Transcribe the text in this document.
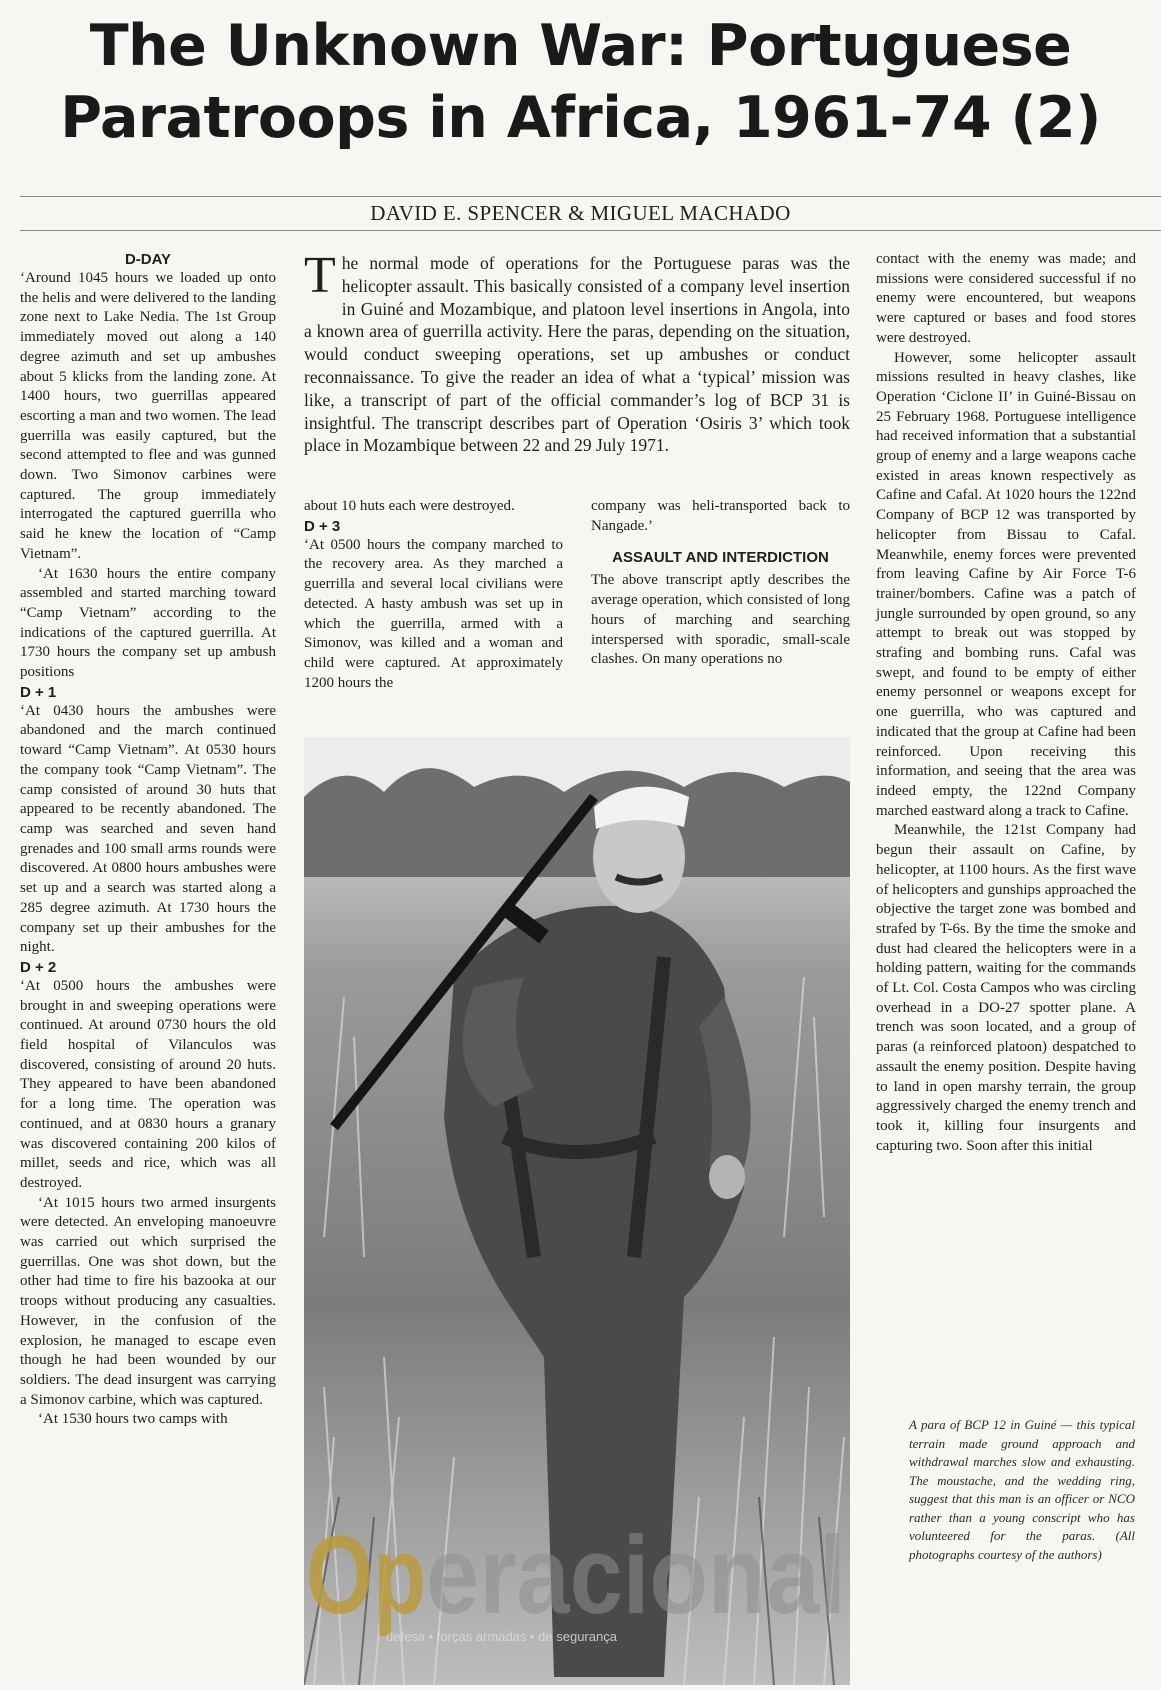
The Unknown War: Portuguese Paratroops in Africa, 1961-74 (2)
DAVID E. SPENCER & MIGUEL MACHADO

D-DAY

‘Around 1045 hours we loaded up onto the helis and were delivered to the landing zone next to Lake Nedia. The 1st Group immediately moved out along a 140 degree azimuth and set up ambushes about 5 klicks from the landing zone. At 1400 hours, two guerrillas appeared escorting a man and two women. The lead guerrilla was easily captured, but the second attempted to flee and was gunned down. Two Simonov carbines were captured. The group immediately interrogated the captured guerrilla who said he knew the location of “Camp Vietnam”.

‘At 1630 hours the entire company assembled and started marching toward “Camp Vietnam” according to the indications of the captured guerrilla. At 1730 hours the company set up ambush positions

D + 1

‘At 0430 hours the ambushes were abandoned and the march continued toward “Camp Vietnam”. At 0530 hours the company took “Camp Vietnam”. The camp consisted of around 30 huts that appeared to be recently abandoned. The camp was searched and seven hand grenades and 100 small arms rounds were discovered. At 0800 hours ambushes were set up and a search was started along a 285 degree azimuth. At 1730 hours the company set up their ambushes for the night.

D + 2

‘At 0500 hours the ambushes were brought in and sweeping operations were continued. At around 0730 hours the old field hospital of Vilanculos was discovered, consisting of around 20 huts. They appeared to have been abandoned for a long time. The operation was continued, and at 0830 hours a granary was discovered containing 200 kilos of millet, seeds and rice, which was all destroyed.

‘At 1015 hours two armed insurgents were detected. An enveloping manoeuvre was carried out which surprised the guerrillas. One was shot down, but the other had time to fire his bazooka at our troops without producing any casualties. However, in the confusion of the explosion, he managed to escape even though he had been wounded by our soldiers. The dead insurgent was carrying a Simonov carbine, which was captured.

‘At 1530 hours two camps with

The normal mode of operations for the Portuguese paras was the helicopter assault. This basically consisted of a company level insertion in Guiné and Mozambique, and platoon level insertions in Angola, into a known area of guerrilla activity. Here the paras, depending on the situation, would conduct sweeping operations, set up ambushes or conduct reconnaissance. To give the reader an idea of what a ‘typical’ mission was like, a transcript of part of the official commander’s log of BCP 31 is insightful. The transcript describes part of Operation ‘Osiris 3’ which took place in Mozambique between 22 and 29 July 1971.

about 10 huts each were destroyed.

D + 3

‘At 0500 hours the company marched to the recovery area. As they marched a guerrilla and several local civilians were detected. A hasty ambush was set up in which the guerrilla, armed with a Simonov, was killed and a woman and child were captured. At approximately 1200 hours the

company was heli-transported back to Nangade.’

ASSAULT AND INTERDICTION

The above transcript aptly describes the average operation, which consisted of long hours of marching and searching interspersed with sporadic, small-scale clashes. On many operations no

contact with the enemy was made; and missions were considered successful if no enemy were encountered, but weapons were captured or bases and food stores were destroyed.

However, some helicopter assault missions resulted in heavy clashes, like Operation ‘Ciclone II’ in Guiné-Bissau on 25 February 1968. Portuguese intelligence had received information that a substantial group of enemy and a large weapons cache existed in areas known respectively as Cafine and Cafal. At 1020 hours the 122nd Company of BCP 12 was transported by helicopter from Bissau to Cafal. Meanwhile, enemy forces were prevented from leaving Cafine by Air Force T-6 trainer/bombers. Cafine was a patch of jungle surrounded by open ground, so any attempt to break out was stopped by strafing and bombing runs. Cafal was swept, and found to be empty of either enemy personnel or weapons except for one guerrilla, who was captured and indicated that the group at Cafine had been reinforced. Upon receiving this information, and seeing that the area was indeed empty, the 122nd Company marched eastward along a track to Cafine.

Meanwhile, the 121st Company had begun their assault on Cafine, by helicopter, at 1100 hours. As the first wave of helicopters and gunships approached the objective the target zone was bombed and strafed by T-6s. By the time the smoke and dust had cleared the helicopters were in a holding pattern, waiting for the commands of Lt. Col. Costa Campos who was circling overhead in a DO-27 spotter plane. A trench was soon located, and a group of paras (a reinforced platoon) despatched to assault the enemy position. Despite having to land in open marshy terrain, the group aggressively charged the enemy trench and took it, killing four insurgents and capturing two. Soon after this initial

A para of BCP 12 in Guiné — this typical terrain made ground approach and withdrawal marches slow and exhausting. The moustache, and the wedding ring, suggest that this man is an officer or NCO rather than a young conscript who has volunteered for the paras. (All photographs courtesy of the authors)

Op eracional
defesa • forças armadas • de segurança
